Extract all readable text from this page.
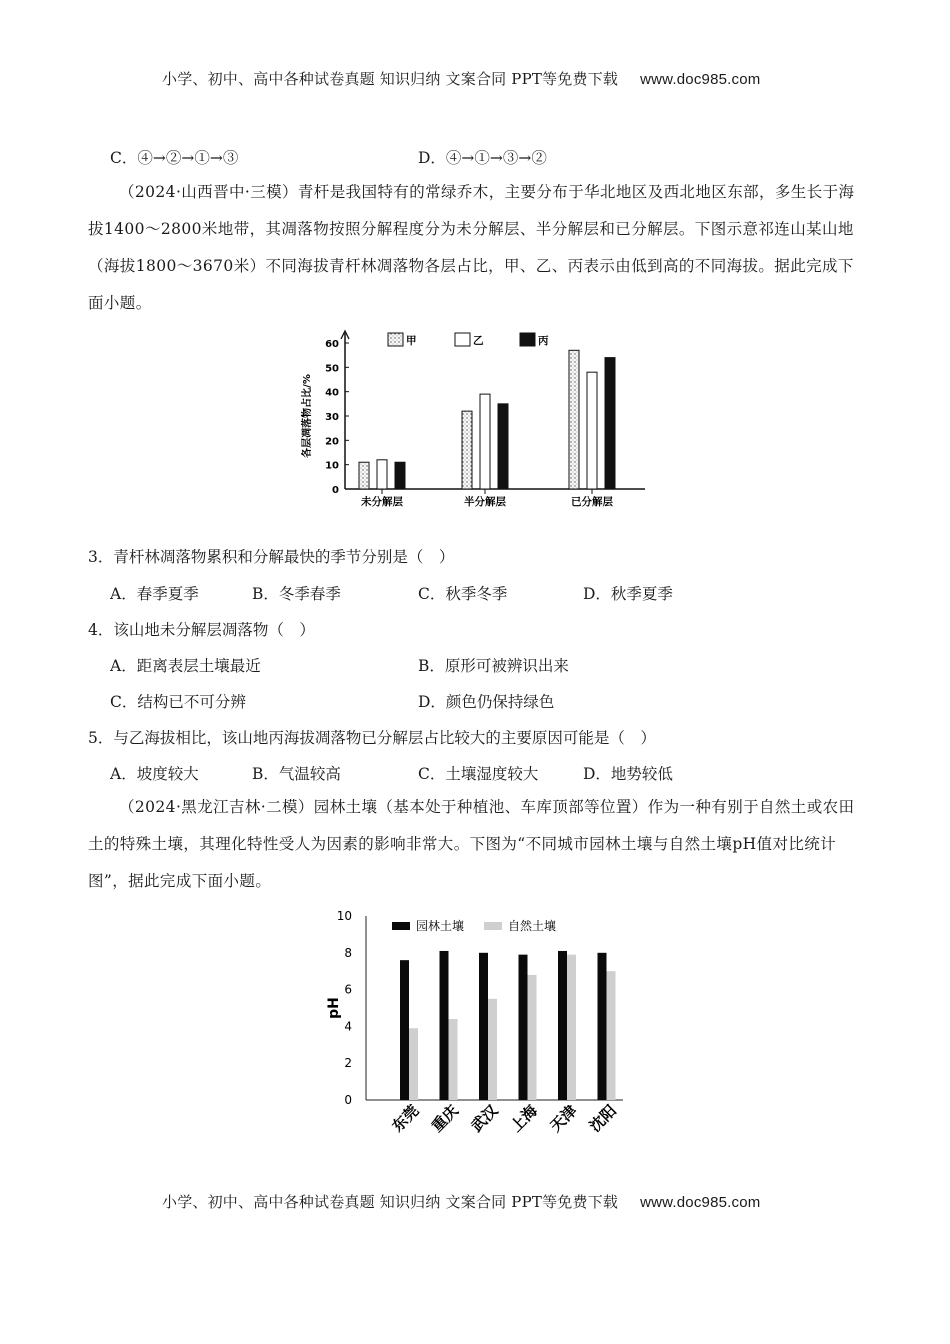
小学、初中、高中各种试卷真题 知识归纳 文案合同 PPT等免费下载 www.doc985.com
C．④→②→①→③	D．④→①→③→②
（2024·山西晋中·三模）青杆是我国特有的常绿乔木，主要分布于华北地区及西北地区东部，多生长于海拔1400～2800米地带，其凋落物按照分解程度分为未分解层、半分解层和已分解层。下图示意祁连山某山地（海拔1800～3670米）不同海拔青杆林凋落物各层占比，甲、乙、丙表示由低到高的不同海拔。据此完成下面小题。
0
10
20
30
40
50
60
各层凋落物占比/%
未分解层	半分解层	已分解层
甲	乙	丙
3．青杆林凋落物累积和分解最快的季节分别是（　）
A．春季夏季	B．冬季春季	C．秋季冬季	D．秋季夏季
4．该山地未分解层凋落物（　）
A．距离表层土壤最近	B．原形可被辨识出来
C．结构已不可分辨	D．颜色仍保持绿色
5．与乙海拔相比，该山地丙海拔凋落物已分解层占比较大的主要原因可能是（　）
A．坡度较大	B．气温较高	C．土壤湿度较大	D．地势较低
（2024·黑龙江吉林·二模）园林土壤（基本处于种植池、车库顶部等位置）作为一种有别于自然土或农田土的特殊土壤，其理化特性受人为因素的影响非常大。下图为“不同城市园林土壤与自然土壤pH值对比统计图”，据此完成下面小题。
0
2
4
6
8
10
pH
东莞 重庆 武汉 上海 天津 沈阳
园林土壤	自然土壤
小学、初中、高中各种试卷真题 知识归纳 文案合同 PPT等免费下载 www.doc985.com
